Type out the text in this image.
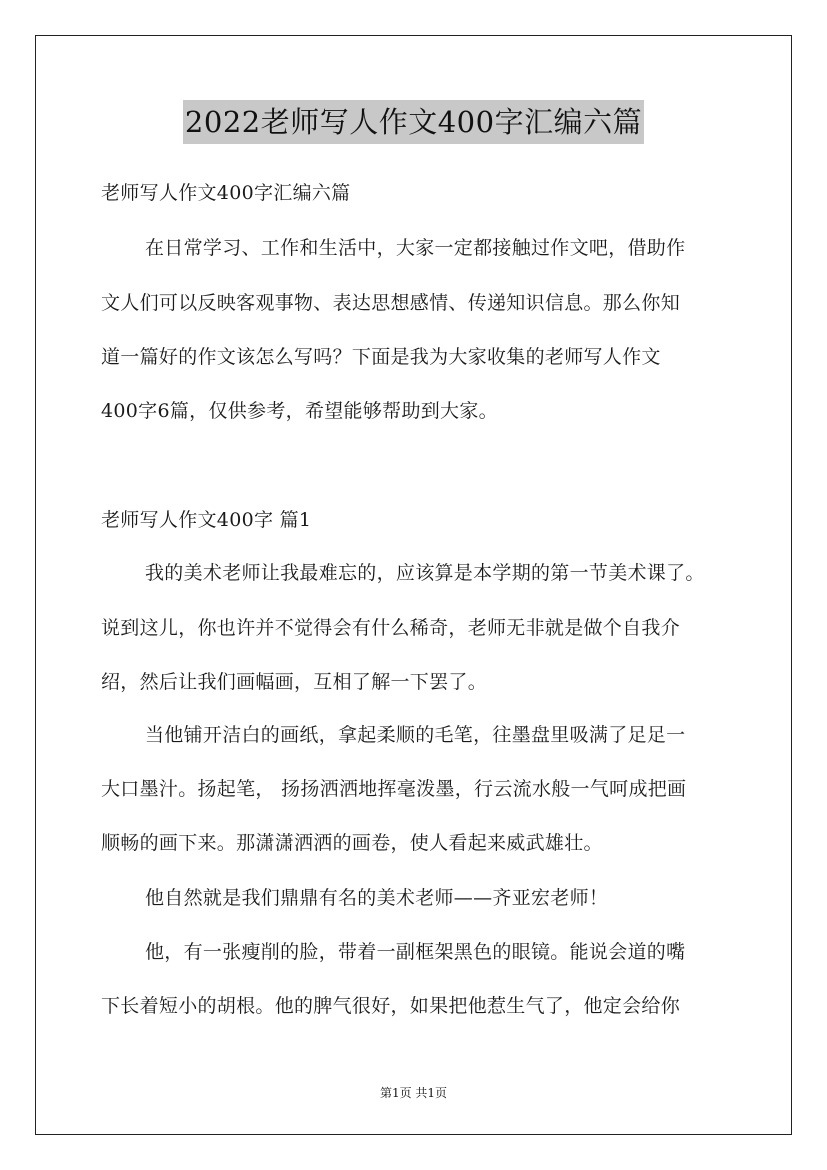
2022老师写人作文400字汇编六篇
老师写人作文400字汇编六篇
在日常学习、工作和生活中，大家一定都接触过作文吧，借助作
文人们可以反映客观事物、表达思想感情、传递知识信息。那么你知
道一篇好的作文该怎么写吗？下面是我为大家收集的老师写人作文
400字6篇，仅供参考，希望能够帮助到大家。
老师写人作文400字 篇1
我的美术老师让我最难忘的，应该算是本学期的第一节美术课了。
说到这儿，你也许并不觉得会有什么稀奇，老师无非就是做个自我介
绍，然后让我们画幅画，互相了解一下罢了。
当他铺开洁白的画纸，拿起柔顺的毛笔，往墨盘里吸满了足足一
大口墨汁。扬起笔， 扬扬洒洒地挥毫泼墨，行云流水般一气呵成把画
顺畅的画下来。那潇潇洒洒的画卷，使人看起来威武雄壮。
他自然就是我们鼎鼎有名的美术老师——齐亚宏老师！
他，有一张瘦削的脸，带着一副框架黑色的眼镜。能说会道的嘴
下长着短小的胡根。他的脾气很好，如果把他惹生气了，他定会给你
第1页 共1页
